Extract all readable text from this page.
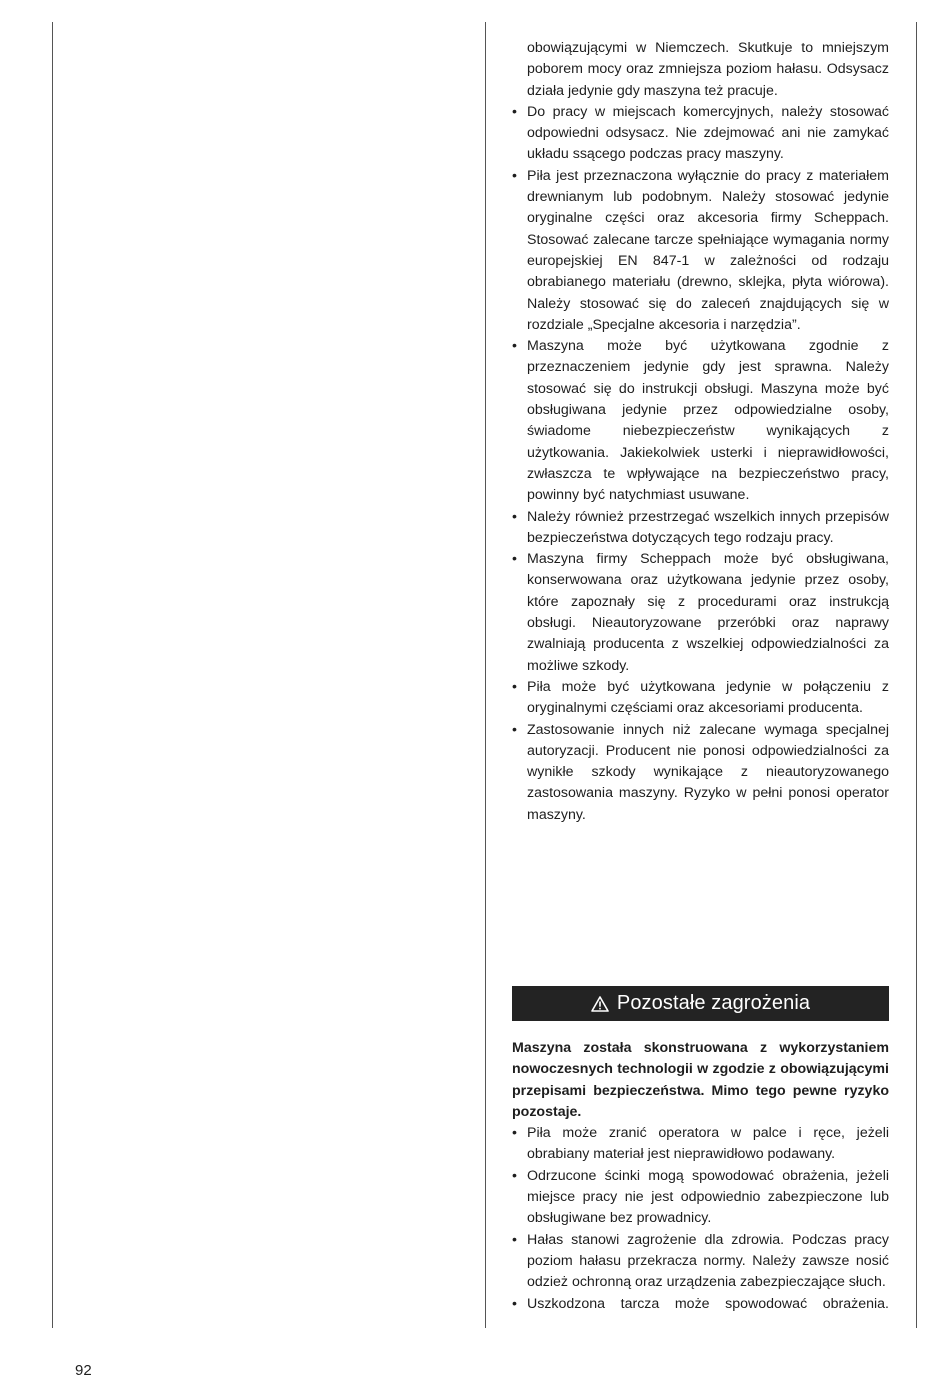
obowiązującymi w Niemczech. Skutkuje to mniejszym poborem mocy oraz zmniejsza poziom hałasu. Odsysacz działa jedynie gdy maszyna też pracuje.

• Do pracy w miejscach komercyjnych, należy stosować odpowiedni odsysacz. Nie zdejmować ani nie zamykać układu ssącego podczas pracy maszyny.
• Piła jest przeznaczona wyłącznie do pracy z materiałem drewnianym lub podobnym. Należy stosować jedynie oryginalne części oraz akcesoria firmy Scheppach. Stosować zalecane tarcze spełniające wymagania normy europejskiej EN 847-1 w zależności od rodzaju obrabianego materiału (drewno, sklejka, płyta wiórowa). Należy stosować się do zaleceń znajdujących się w rozdziale „Specjalne akcesoria i narzędzia”.
• Maszyna może być użytkowana zgodnie z przeznaczeniem jedynie gdy jest sprawna. Należy stosować się do instrukcji obsługi. Maszyna może być obsługiwana jedynie przez odpowiedzialne osoby, świadome niebezpieczeństw wynikających z użytkowania. Jakiekolwiek usterki i nieprawidłowości, zwłaszcza te wpływające na bezpieczeństwo pracy, powinny być natychmiast usuwane.
• Należy również przestrzegać wszelkich innych przepisów bezpieczeństwa dotyczących tego rodzaju pracy.
• Maszyna firmy Scheppach może być obsługiwana, konserwowana oraz użytkowana jedynie przez osoby, które zapoznały się z procedurami oraz instrukcją obsługi. Nieautoryzowane przeróbki oraz naprawy zwalniają producenta z wszelkiej odpowiedzialności za możliwe szkody.
• Piła może być użytkowana jedynie w połączeniu z oryginalnymi częściami oraz akcesoriami producenta.
• Zastosowanie innych niż zalecane wymaga specjalnej autoryzacji. Producent nie ponosi odpowiedzialności za wynikłe szkody wynikające z nieautoryzowanego zastosowania maszyny. Ryzyko w pełni ponosi operator maszyny.
Pozostałe zagrożenia

Maszyna została skonstruowana z wykorzystaniem nowoczesnych technologii w zgodzie z obowiązującymi przepisami bezpieczeństwa. Mimo tego pewne ryzyko pozostaje.

• Piła może zranić operatora w palce i ręce, jeżeli obrabiany materiał jest nieprawidłowo podawany.
• Odrzucone ścinki mogą spowodować obrażenia, jeżeli miejsce pracy nie jest odpowiednio zabezpieczone lub obsługiwane bez prowadnicy.
• Hałas stanowi zagrożenie dla zdrowia. Podczas pracy poziom hałasu przekracza normy. Należy zawsze nosić odzież ochronną oraz urządzenia zabezpieczające słuch.
• Uszkodzona tarcza może spowodować obrażenia.
92
